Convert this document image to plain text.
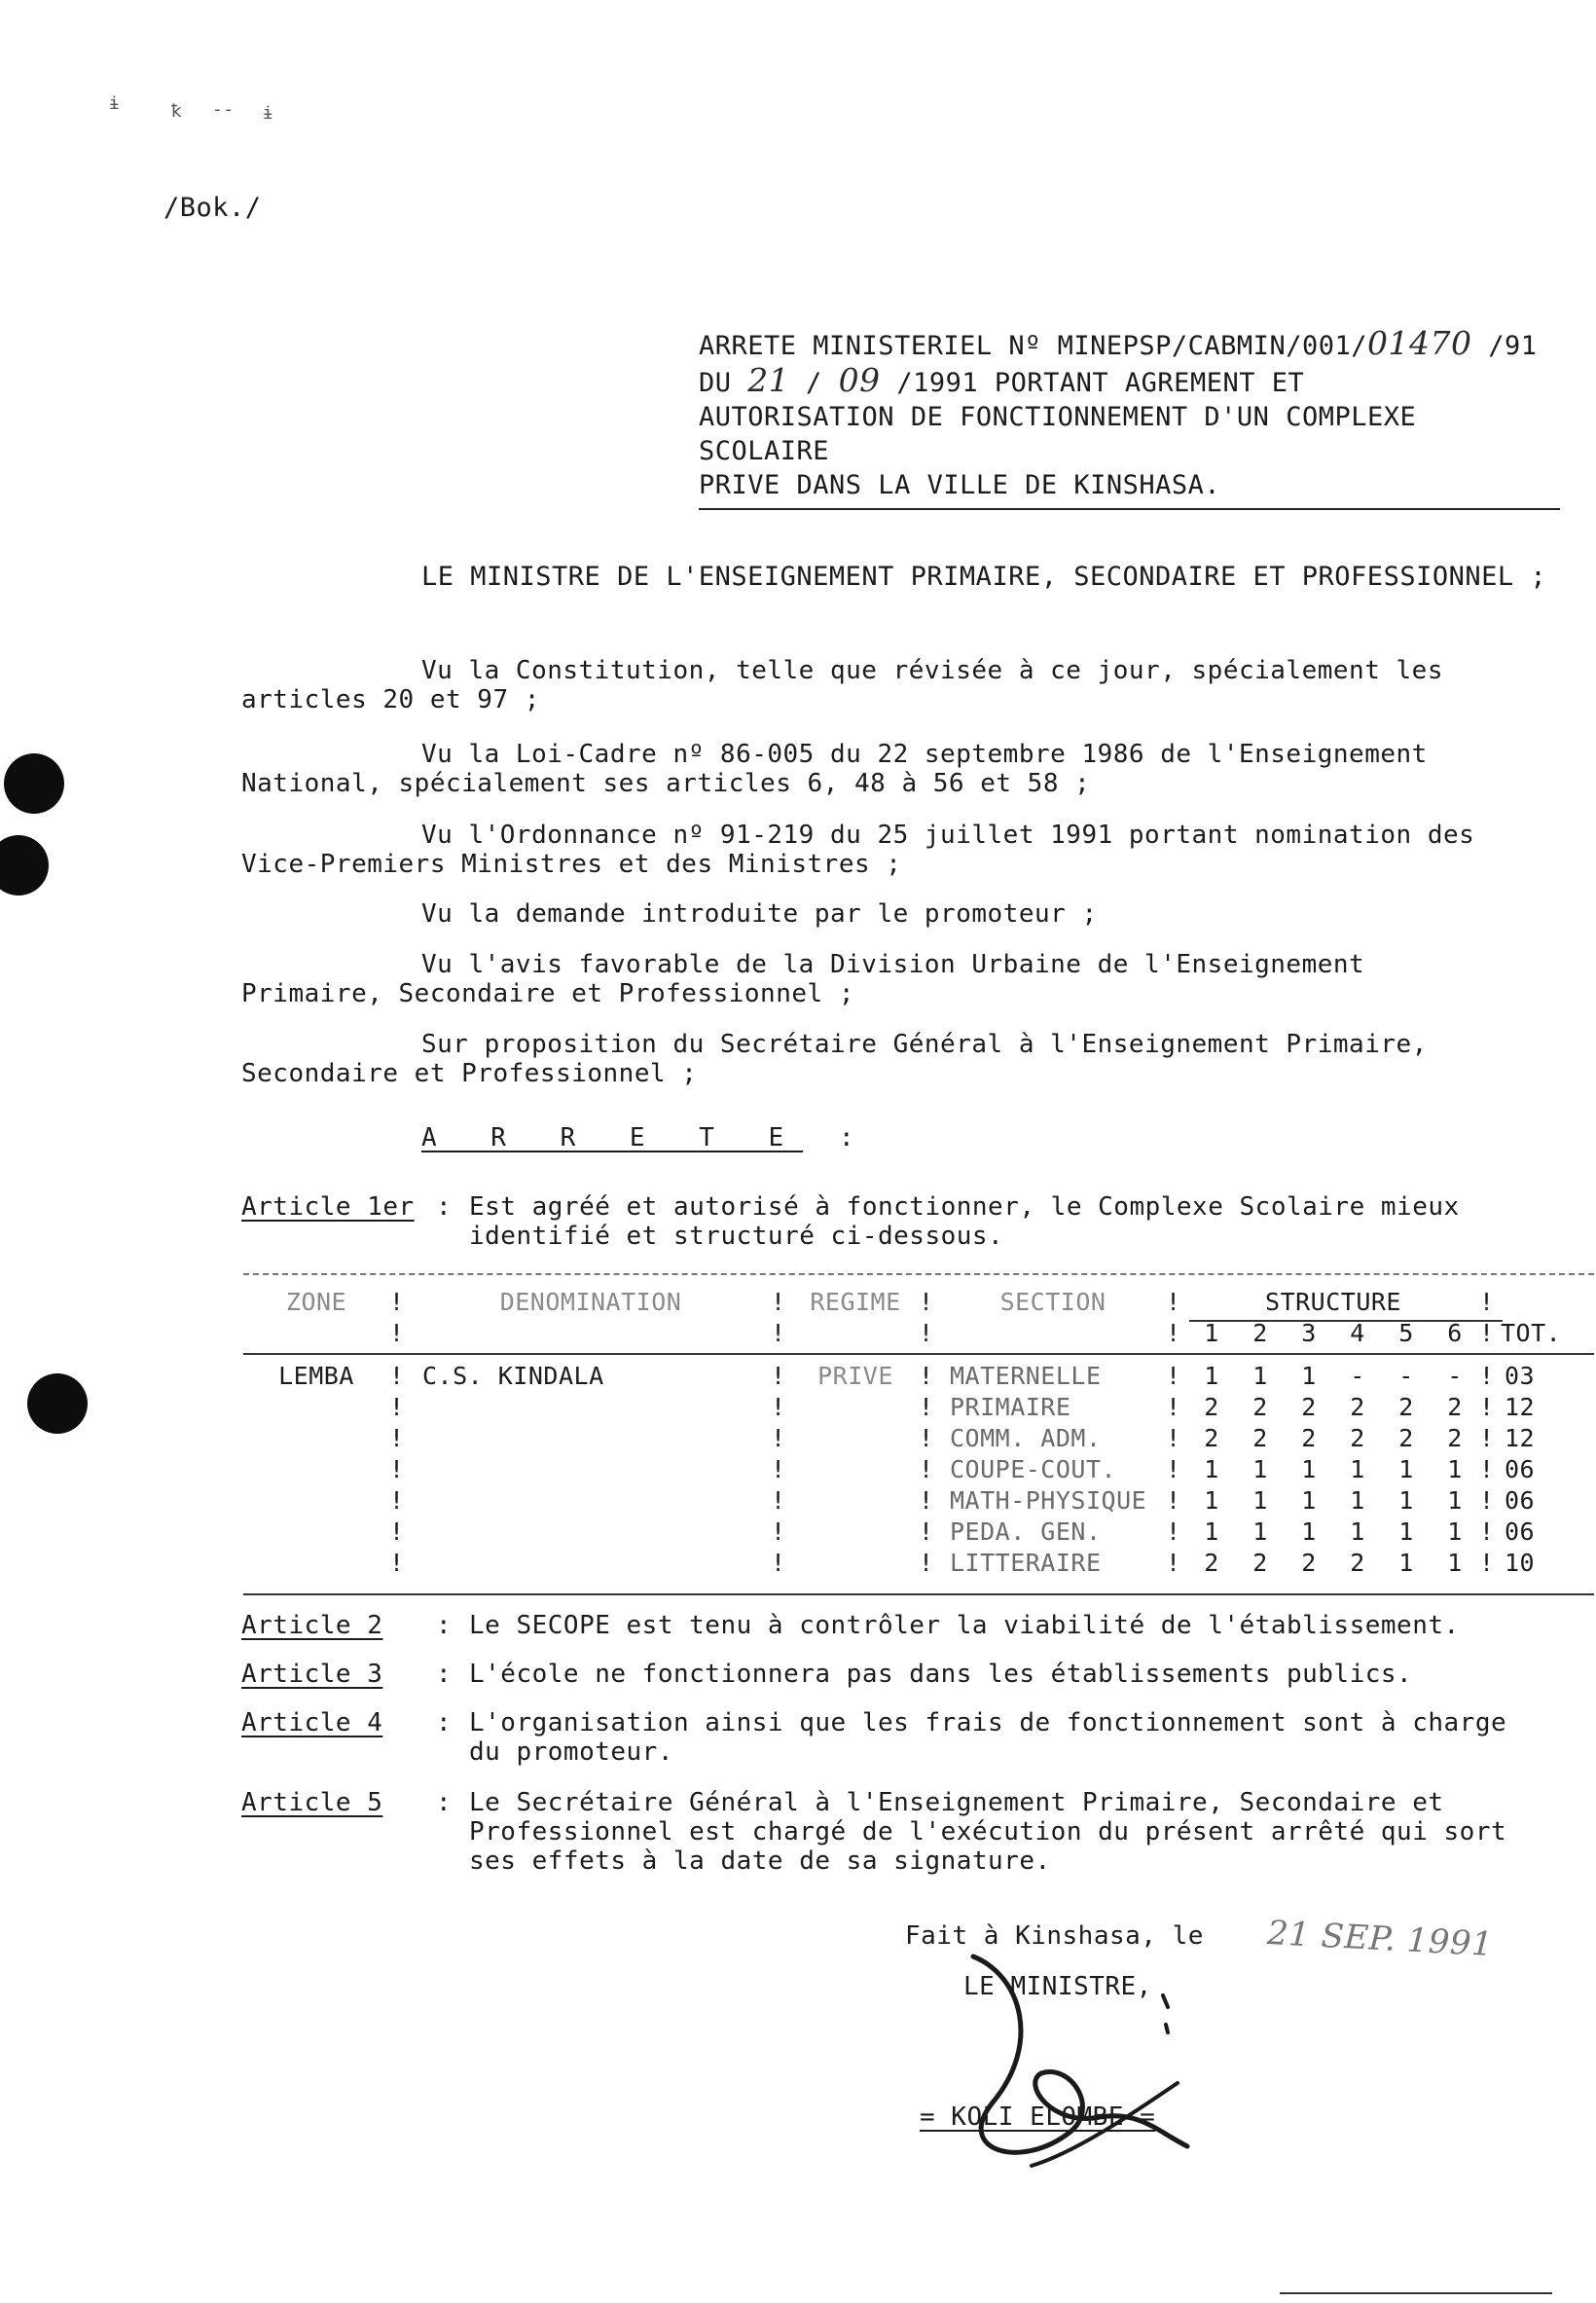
ɨ	ꝁ -- ɨ
/Bok./
ARRETE MINISTERIEL Nº MINEPSP/CABMIN/001/01470 /91
DU 21 / 09 /1991 PORTANT AGREMENT ET
AUTORISATION DE FONCTIONNEMENT D'UN COMPLEXE SCOLAIRE
PRIVE DANS LA VILLE DE KINSHASA.
LE MINISTRE DE L'ENSEIGNEMENT PRIMAIRE, SECONDAIRE ET PROFESSIONNEL ;
Vu la Constitution, telle que révisée à ce jour, spécialement les
articles 20 et 97 ;
Vu la Loi-Cadre nº 86-005 du 22 septembre 1986 de l'Enseignement
National, spécialement ses articles 6, 48 à 56 et 58 ;
Vu l'Ordonnance nº 91-219 du 25 juillet 1991 portant nomination des
Vice-Premiers Ministres et des Ministres ;
Vu la demande introduite par le promoteur ;
Vu l'avis favorable de la Division Urbaine de l'Enseignement
Primaire, Secondaire et Professionnel ;
Sur proposition du Secrétaire Général à l'Enseignement Primaire,
Secondaire et Professionnel ;
A R R E T E :
Article 1er : Est agréé et autorisé à fonctionner, le Complexe Scolaire mieux identifié et structuré ci-dessous.
ZONE	!	DENOMINATION	!	REGIME	!	SECTION	!	STRUCTURE						!	
	!		!		!		!	1	2	3	4	5	6	!	TOT.

LEMBA	!	C.S. KINDALA	!	PRIVE	!	MATERNELLE	!	1	1	1	-	-	-	!	03
	!		!		!	PRIMAIRE	!	2	2	2	2	2	2	!	12
	!		!		!	COMM. ADM.	!	2	2	2	2	2	2	!	12
	!		!		!	COUPE-COUT.	!	1	1	1	1	1	1	!	06
	!		!		!	MATH-PHYSIQUE	!	1	1	1	1	1	1	!	06
	!		!		!	PEDA. GEN.	!	1	1	1	1	1	1	!	06
	!		!		!	LITTERAIRE	!	2	2	2	2	1	1	!	10
Article 2 : Le SECOPE est tenu à contrôler la viabilité de l'établissement.
Article 3 : L'école ne fonctionnera pas dans les établissements publics.
Article 4 : L'organisation ainsi que les frais de fonctionnement sont à charge du promoteur.
Article 5 : Le Secrétaire Général à l'Enseignement Primaire, Secondaire et Professionnel est chargé de l'exécution du présent arrêté qui sort ses effets à la date de sa signature.
Fait à Kinshasa, le 21 SEP. 1991
LE MINISTRE,
= KOLI ELOMBE =
